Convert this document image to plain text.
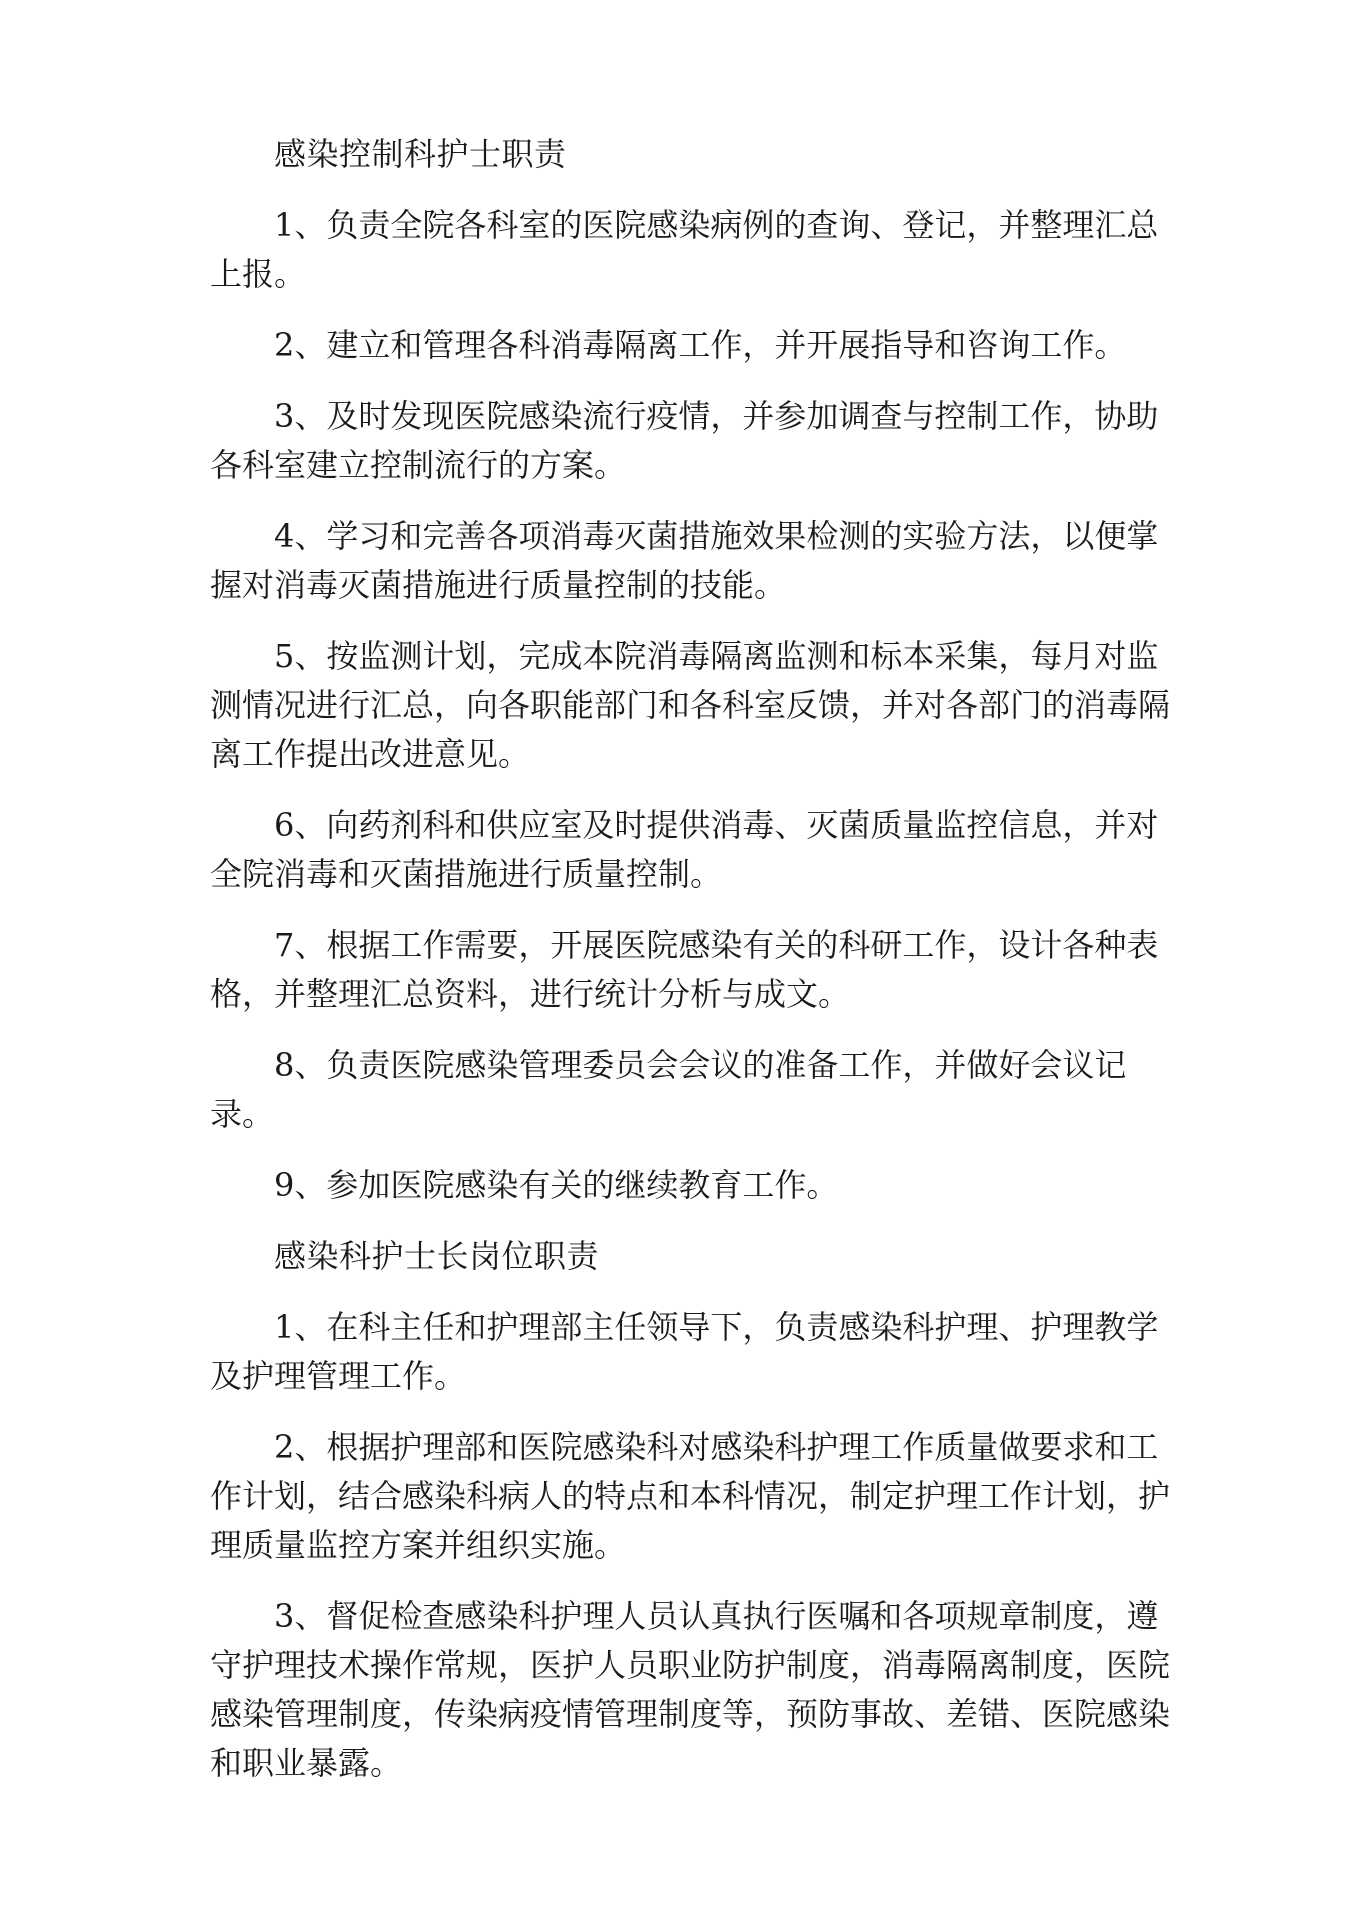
感染控制科护士职责

1、负责全院各科室的医院感染病例的查询、登记，并整理汇总上报。

2、建立和管理各科消毒隔离工作，并开展指导和咨询工作。

3、及时发现医院感染流行疫情，并参加调查与控制工作，协助各科室建立控制流行的方案。

4、学习和完善各项消毒灭菌措施效果检测的实验方法，以便掌握对消毒灭菌措施进行质量控制的技能。

5、按监测计划，完成本院消毒隔离监测和标本采集，每月对监测情况进行汇总，向各职能部门和各科室反馈，并对各部门的消毒隔离工作提出改进意见。

6、向药剂科和供应室及时提供消毒、灭菌质量监控信息，并对全院消毒和灭菌措施进行质量控制。

7、根据工作需要，开展医院感染有关的科研工作，设计各种表格，并整理汇总资料，进行统计分析与成文。

8、负责医院感染管理委员会会议的准备工作，并做好会议记录。

9、参加医院感染有关的继续教育工作。

感染科护士长岗位职责

1、在科主任和护理部主任领导下，负责感染科护理、护理教学及护理管理工作。

2、根据护理部和医院感染科对感染科护理工作质量做要求和工作计划，结合感染科病人的特点和本科情况，制定护理工作计划，护理质量监控方案并组织实施。

3、督促检查感染科护理人员认真执行医嘱和各项规章制度，遵守护理技术操作常规，医护人员职业防护制度，消毒隔离制度，医院感染管理制度，传染病疫情管理制度等，预防事故、差错、医院感染和职业暴露。
